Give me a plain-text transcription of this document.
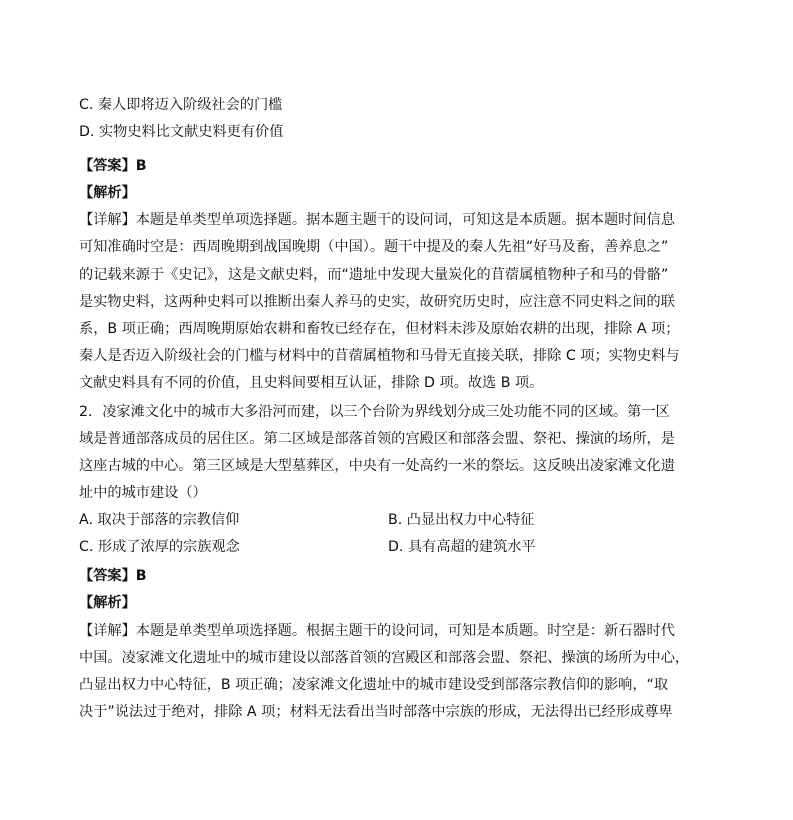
C. 秦人即将迈入阶级社会的门槛
D. 实物史料比文献史料更有价值
【答案】B
【解析】
【详解】本题是单类型单项选择题。据本题主题干的设问词，可知这是本质题。据本题时间信息
可知准确时空是：西周晚期到战国晚期（中国）。题干中提及的秦人先祖“好马及畜，善养息之”
的记载来源于《史记》，这是文献史料，而“遗址中发现大量炭化的苜蓿属植物种子和马的骨骼”
是实物史料，这两种史料可以推断出秦人养马的史实，故研究历史时，应注意不同史料之间的联
系，B 项正确；西周晚期原始农耕和畜牧已经存在，但材料未涉及原始农耕的出现，排除 A 项；
秦人是否迈入阶级社会的门槛与材料中的苜蓿属植物和马骨无直接关联，排除 C 项；实物史料与
文献史料具有不同的价值，且史料间要相互认证，排除 D 项。故选 B 项。
2．凌家滩文化中的城市大多沿河而建，以三个台阶为界线划分成三处功能不同的区域。第一区
域是普通部落成员的居住区。第二区域是部落首领的宫殿区和部落会盟、祭祀、操演的场所，是
这座古城的中心。第三区域是大型墓葬区，中央有一处高约一米的祭坛。这反映出凌家滩文化遗
址中的城市建设（）
A. 取决于部落的宗教信仰	B. 凸显出权力中心特征
C. 形成了浓厚的宗族观念	D. 具有高超的建筑水平
【答案】B
【解析】
【详解】本题是单类型单项选择题。根据主题干的设问词，可知是本质题。时空是：新石器时代
中国。凌家滩文化遗址中的城市建设以部落首领的宫殿区和部落会盟、祭祀、操演的场所为中心，
凸显出权力中心特征，B 项正确；凌家滩文化遗址中的城市建设受到部落宗教信仰的影响，“取
决于”说法过于绝对，排除 A 项；材料无法看出当时部落中宗族的形成，无法得出已经形成尊卑
